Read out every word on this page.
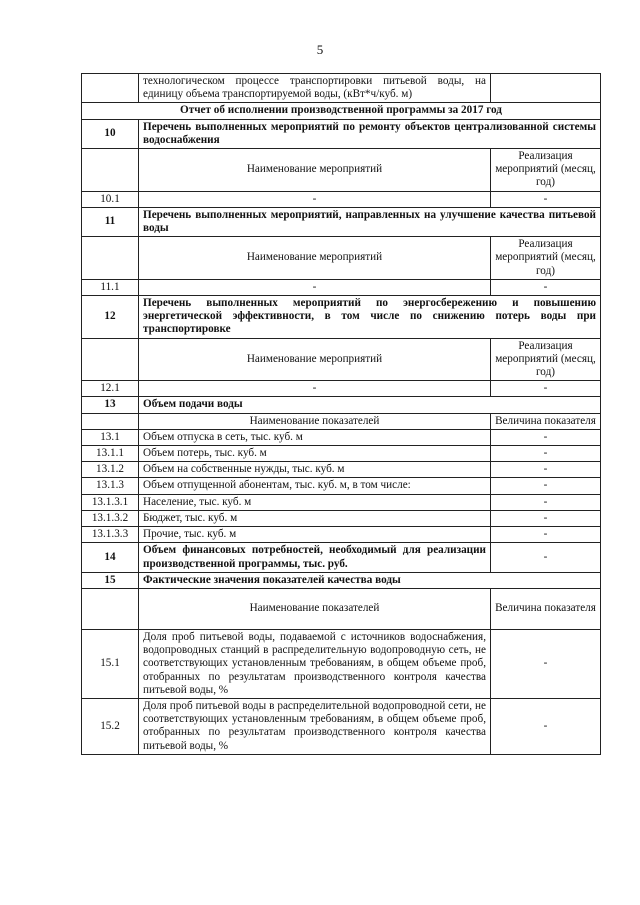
5
	технологическом процессе транспортировки питьевой воды, на единицу объема транспортируемой воды, (кВт*ч/куб. м)	
Отчет об исполнении производственной программы за 2017 год		
10	Перечень выполненных мероприятий по ремонту объектов централизованной системы водоснабжения	
	Наименование мероприятий	Реализация мероприятий (месяц, год)
10.1	-	-
11	Перечень выполненных мероприятий, направленных на улучшение качества питьевой воды	
	Наименование мероприятий	Реализация мероприятий (месяц, год)
11.1	-	-
12	Перечень выполненных мероприятий по энергосбережению и повышению энергетической эффективности, в том числе по снижению потерь воды при транспортировке	
	Наименование мероприятий	Реализация мероприятий (месяц, год)
12.1	-	-
13	Объем подачи воды	
	Наименование показателей	Величина показателя
13.1	Объем отпуска в сеть, тыс. куб. м	-
13.1.1	Объем потерь, тыс. куб. м	-
13.1.2	Объем на собственные нужды, тыс. куб. м	-
13.1.3	Объем отпущенной абонентам, тыс. куб. м, в том числе:	-
13.1.3.1	Население, тыс. куб. м	-
13.1.3.2	Бюджет, тыс. куб. м	-
13.1.3.3	Прочие, тыс. куб. м	-
14	Объем финансовых потребностей, необходимый для реализации производственной программы, тыс. руб.	-
15	Фактические значения показателей качества воды	
	Наименование показателей	Величина показателя
15.1	Доля проб питьевой воды, подаваемой с источников водоснабжения, водопроводных станций в распределительную водопроводную сеть, не соответствующих установленным требованиям, в общем объеме проб, отобранных по результатам производственного контроля качества питьевой воды, %	-
15.2	Доля проб питьевой воды в распределительной водопроводной сети, не соответствующих установленным требованиям, в общем объеме проб, отобранных по результатам производственного контроля качества питьевой воды, %	-
